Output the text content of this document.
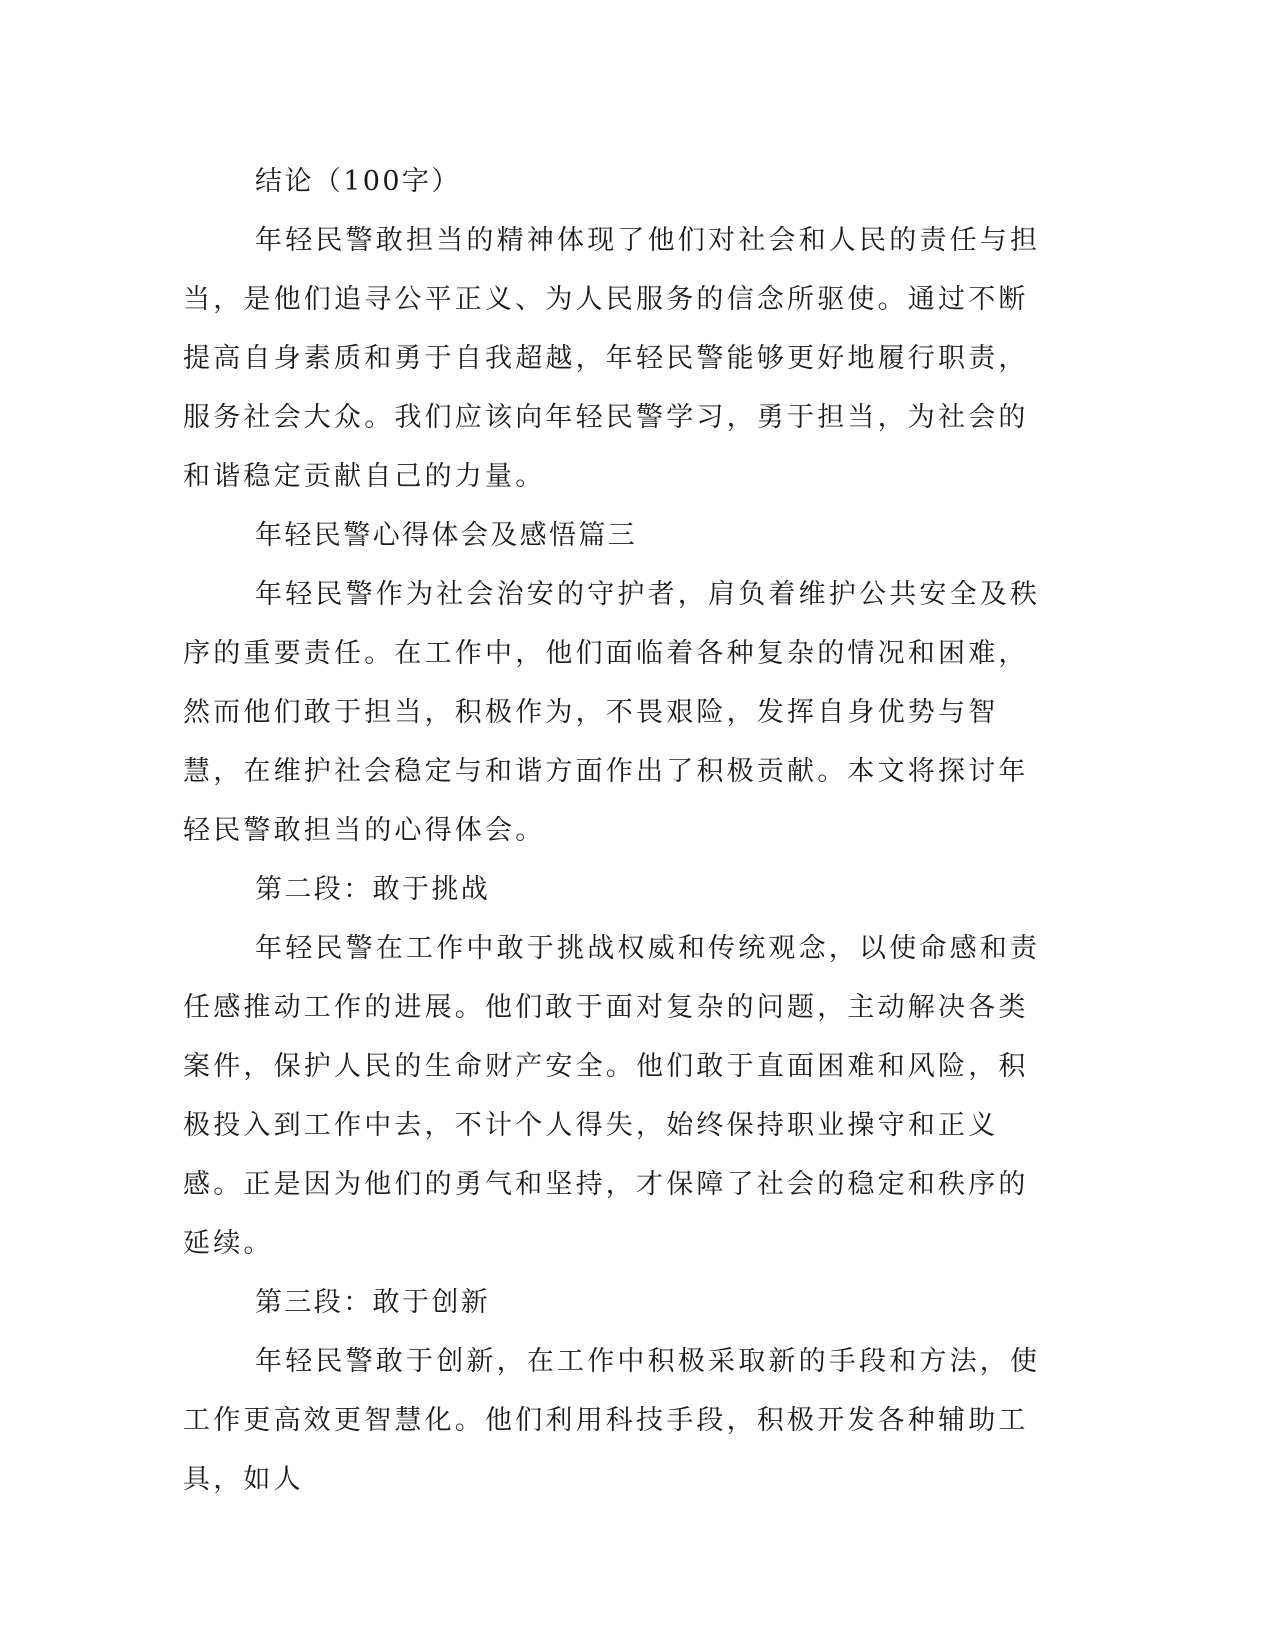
结论（100字）

年轻民警敢担当的精神体现了他们对社会和人民的责任与担当，是他们追寻公平正义、为人民服务的信念所驱使。通过不断提高自身素质和勇于自我超越，年轻民警能够更好地履行职责，服务社会大众。我们应该向年轻民警学习，勇于担当，为社会的和谐稳定贡献自己的力量。

年轻民警心得体会及感悟篇三

年轻民警作为社会治安的守护者，肩负着维护公共安全及秩序的重要责任。在工作中，他们面临着各种复杂的情况和困难，然而他们敢于担当，积极作为，不畏艰险，发挥自身优势与智慧，在维护社会稳定与和谐方面作出了积极贡献。本文将探讨年轻民警敢担当的心得体会。

第二段：敢于挑战

年轻民警在工作中敢于挑战权威和传统观念，以使命感和责任感推动工作的进展。他们敢于面对复杂的问题，主动解决各类案件，保护人民的生命财产安全。他们敢于直面困难和风险，积极投入到工作中去，不计个人得失，始终保持职业操守和正义感。正是因为他们的勇气和坚持，才保障了社会的稳定和秩序的延续。

第三段：敢于创新

年轻民警敢于创新，在工作中积极采取新的手段和方法，使工作更高效更智慧化。他们利用科技手段，积极开发各种辅助工具，如人
